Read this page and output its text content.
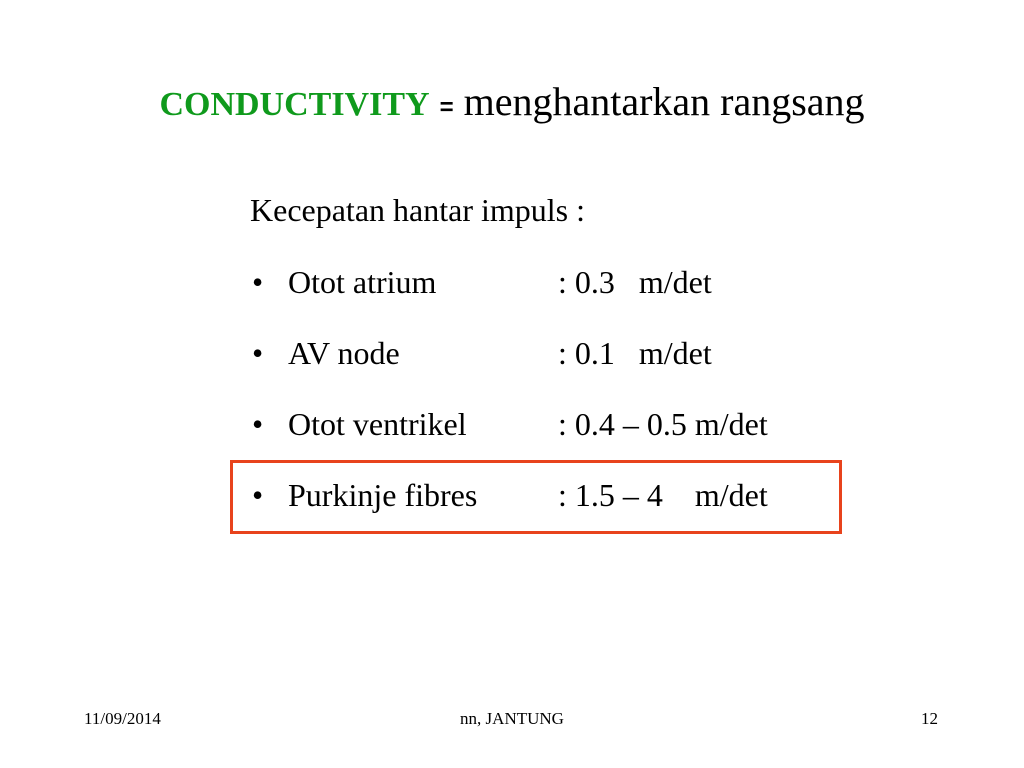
CONDUCTIVITY = menghantarkan rangsang
Kecepatan hantar impuls :
• Otot atrium	: 0.3   m/det
• AV node	: 0.1   m/det
• Otot ventrikel	: 0.4 – 0.5 m/det
• Purkinje fibres	: 1.5 – 4    m/det
11/09/2014	nn, JANTUNG	12
